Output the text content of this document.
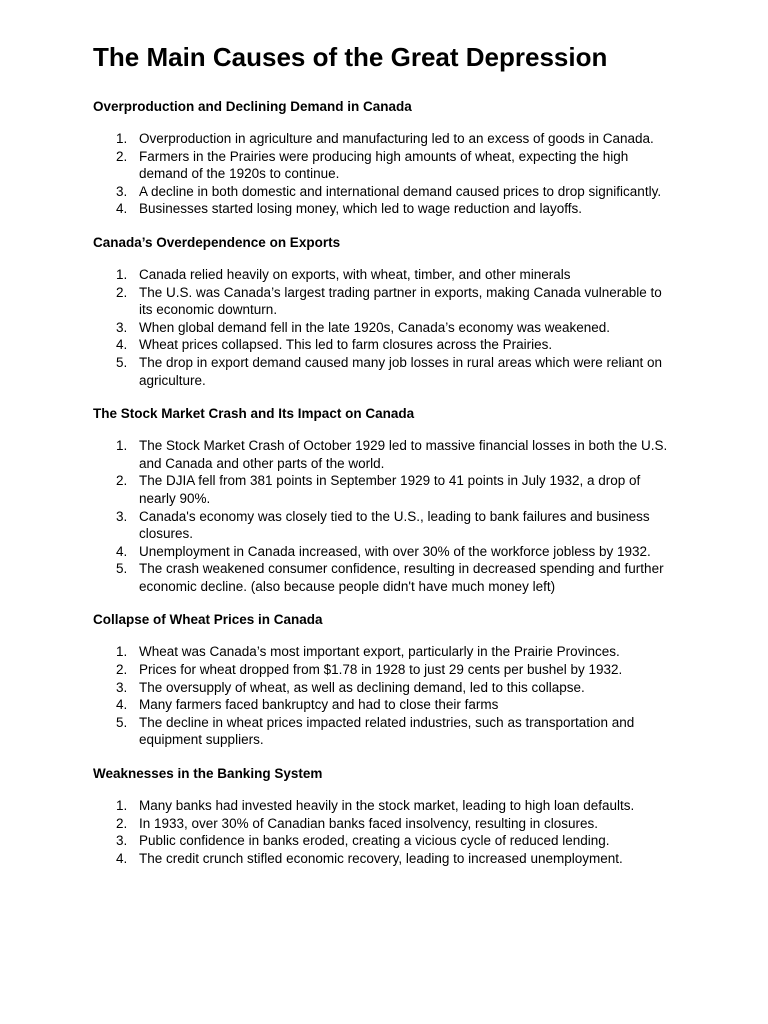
The Main Causes of the Great Depression
Overproduction and Declining Demand in Canada
1. Overproduction in agriculture and manufacturing led to an excess of goods in Canada.
2. Farmers in the Prairies were producing high amounts of wheat, expecting the high demand of the 1920s to continue.
3. A decline in both domestic and international demand caused prices to drop significantly.
4. Businesses started losing money, which led to wage reduction and layoffs.
Canada’s Overdependence on Exports
1. Canada relied heavily on exports, with wheat, timber, and other minerals
2. The U.S. was Canada’s largest trading partner in exports, making Canada vulnerable to its economic downturn.
3. When global demand fell in the late 1920s, Canada’s economy was weakened.
4. Wheat prices collapsed. This led to farm closures across the Prairies.
5. The drop in export demand caused many job losses in rural areas which were reliant on agriculture.
The Stock Market Crash and Its Impact on Canada
1. The Stock Market Crash of October 1929 led to massive financial losses in both the U.S. and Canada and other parts of the world.
2. The DJIA fell from 381 points in September 1929 to 41 points in July 1932, a drop of nearly 90%.
3. Canada's economy was closely tied to the U.S., leading to bank failures and business closures.
4. Unemployment in Canada increased, with over 30% of the workforce jobless by 1932.
5. The crash weakened consumer confidence, resulting in decreased spending and further economic decline. (also because people didn't have much money left)
Collapse of Wheat Prices in Canada
1. Wheat was Canada’s most important export, particularly in the Prairie Provinces.
2. Prices for wheat dropped from $1.78 in 1928 to just 29 cents per bushel by 1932.
3. The oversupply of wheat, as well as declining demand, led to this collapse.
4. Many farmers faced bankruptcy and had to close their farms
5. The decline in wheat prices impacted related industries, such as transportation and equipment suppliers.
Weaknesses in the Banking System
1. Many banks had invested heavily in the stock market, leading to high loan defaults.
2. In 1933, over 30% of Canadian banks faced insolvency, resulting in closures.
3. Public confidence in banks eroded, creating a vicious cycle of reduced lending.
4. The credit crunch stifled economic recovery, leading to increased unemployment.
